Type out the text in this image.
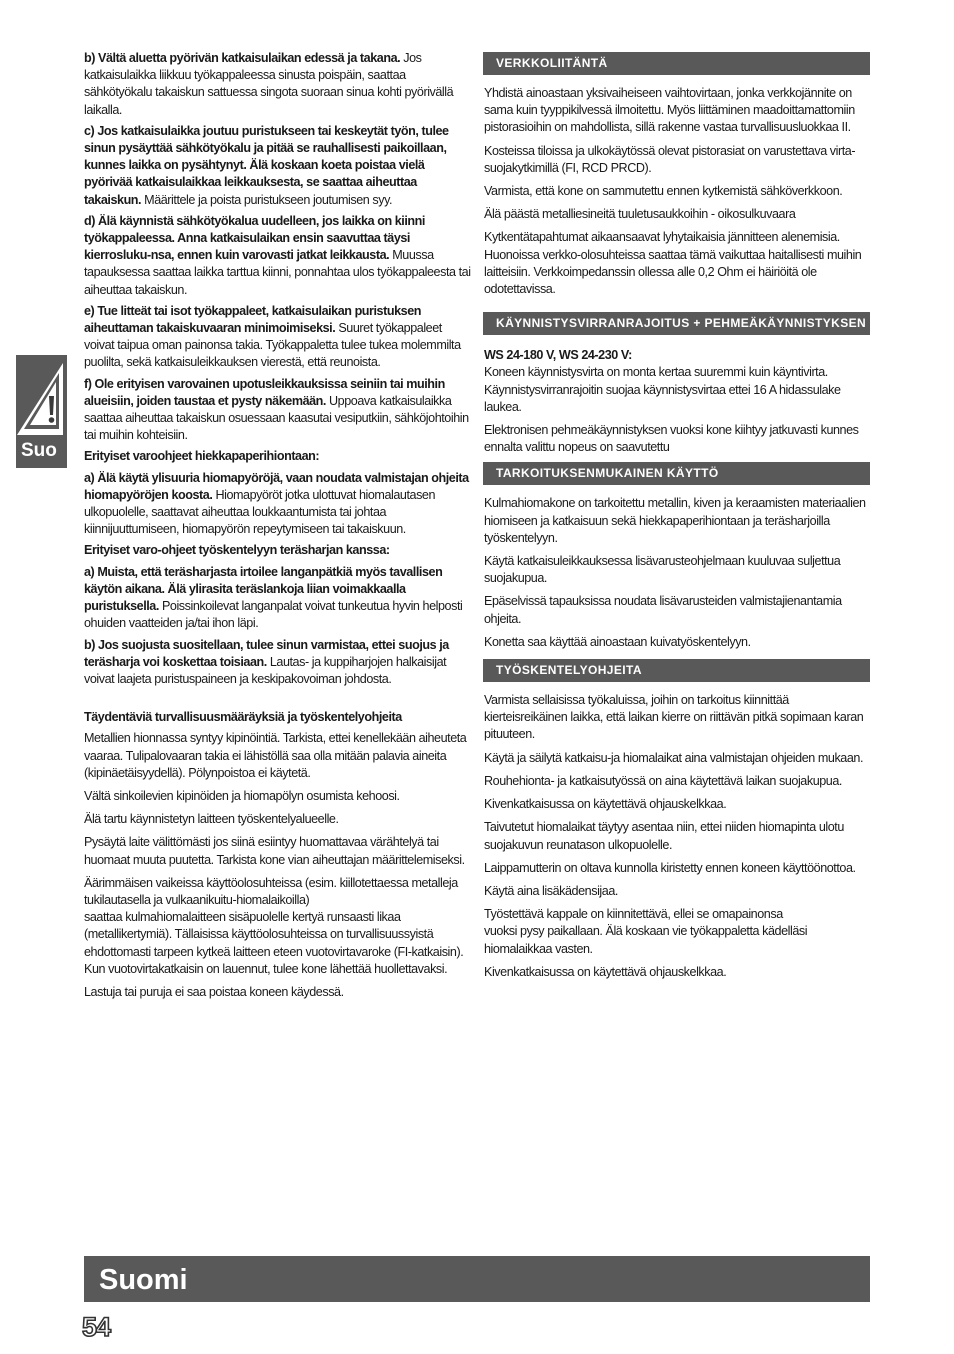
Suo

b) Vältä aluetta pyörivän katkaisulaikan edessä ja takana. Jos katkaisulaikka liikkuu työkappaleessa sinusta poispäin, saattaa sähkötyökalu takaiskun sattuessa singota suoraan sinua kohti pyörivällä laikalla.

c) Jos katkaisulaikka joutuu puristukseen tai keskeytät työn, tulee sinun pysäyttää sähkötyökalu ja pitää se rauhallisesti paikoillaan, kunnes laikka on pysähtynyt. Älä koskaan koeta poistaa vielä pyörivää katkaisulaikkaa leikkauksesta, se saattaa aiheuttaa takaiskun. Määrittele ja poista puristukseen joutumisen syy.

d) Älä käynnistä sähkötyökalua uudelleen, jos laikka on kiinni työkappaleessa. Anna katkaisulaikan ensin saavuttaa täysi kierrosluku-nsa, ennen kuin varovasti jatkat leikkausta. Muussa tapauksessa saattaa laikka tarttua kiinni, ponnahtaa ulos työkappaleesta tai aiheuttaa takaiskun.

e) Tue litteät tai isot työkappaleet, katkaisulaikan puristuksen aiheuttaman takaiskuvaaran minimoimiseksi. Suuret työkappaleet voivat taipua oman painonsa takia. Työkappaletta tulee tukea molemmilta puolilta, sekä katkaisuleikkauksen vierestä, että reunoista.

f) Ole erityisen varovainen upotusleikkauksissa seiniin tai muihin alueisiin, joiden taustaa et pysty näkemään. Uppoava katkaisulaikka saattaa aiheuttaa takaiskun osuessaan kaasutai vesiputkiin, sähköjohtoihin tai muihin kohteisiin.

Erityiset varoohjeet hiekkapaperihiontaan:

a) Älä käytä ylisuuria hiomapyöröjä, vaan noudata valmistajan ohjeita hiomapyöröjen koosta. Hiomapyöröt jotka ulottuvat hiomalautasen ulkopuolelle, saattavat aiheuttaa loukkaantumista tai johtaa kiinnijuuttumiseen, hiomapyörön repeytymiseen tai takaiskuun.

Erityiset varo-ohjeet työskentelyyn teräsharjan kanssa:

a) Muista, että teräsharjasta irtoilee langanpätkiä myös tavallisen käytön aikana. Älä ylirasita teräslankoja liian voimakkaalla puristuksella. Poissinkoilevat langanpalat voivat tunkeutua hyvin helposti ohuiden vaatteiden ja/tai ihon läpi.

b) Jos suojusta suositellaan, tulee sinun varmistaa, ettei suojus ja teräsharja voi koskettaa toisiaan. Lautas- ja kuppiharjojen halkaisijat voivat laajeta puristuspaineen ja keskipakovoiman johdosta.

Täydentäviä turvallisuusmääräyksiä ja työskentelyohjeita

Metallien hionnassa syntyy kipinöintiä. Tarkista, ettei kenellekään aiheuteta vaaraa. Tulipalovaaran takia ei lähistöllä saa olla mitään palavia aineita (kipinäetäisyydellä). Pölynpoistoa ei käytetä.

Vältä sinkoilevien kipinöiden ja hiomapölyn osumista kehoosi.

Älä tartu käynnistetyn laitteen työskentelyalueelle.

Pysäytä laite välittömästi jos siinä esiintyy huomattavaa värähtelyä tai huomaat muuta puutetta. Tarkista kone vian aiheuttajan määrittelemiseksi.

Äärimmäisen vaikeissa käyttöolosuhteissa (esim. kiillotettaessa metalleja tukilautasella ja vulkaanikuitu-hiomalaikoilla)
saattaa kulmahiomalaitteen sisäpuolelle kertyä runsaasti likaa (metallikertymiä). Tällaisissa käyttöolosuhteissa on turvallisuussyistä ehdottomasti tarpeen kytkeä laitteen eteen vuotovirtavaroke (FI-katkaisin). Kun vuotovirtakatkaisin on lauennut, tulee kone lähettää huollettavaksi.

Lastuja tai puruja ei saa poistaa koneen käydessä.

VERKKOLIITÄNTÄ

Yhdistä ainoastaan yksivaiheiseen vaihtovirtaan, jonka verkkojännite on sama kuin tyyppikilvessä ilmoitettu. Myös liittäminen maadoittamattomiin pistorasioihin on mahdollista, sillä rakenne vastaa turvallisuusluokkaa II.

Kosteissa tiloissa ja ulkokäytössä olevat pistorasiat on varustettava virta-suojakytkimillä (FI, RCD PRCD).

Varmista, että kone on sammutettu ennen kytkemistä sähköverkkoon.

Älä päästä metalliesineitä tuuletusaukkoihin - oikosulkuvaara

Kytkentätapahtumat aikaansaavat lyhytaikaisia jännitteen alenemisia. Huonoissa verkko-olosuhteissa saattaa tämä vaikuttaa haitallisesti muihin laitteisiin. Verkkoimpedanssin ollessa alle 0,2 Ohm ei häiriöitä ole odotettavissa.

KÄYNNISTYSVIRRANRAJOITUS + PEHMEÄKÄYNNISTYKSEN

WS 24-180 V, WS 24-230 V:
Koneen käynnistysvirta on monta kertaa suuremmi kuin käyntivirta. Käynnistysvirranrajoitin suojaa käynnistysvirtaa ettei 16 A hidassulake laukea.

Elektronisen pehmeäkäynnistyksen vuoksi kone kiihtyy jatkuvasti kunnes ennalta valittu nopeus on saavutettu

TARKOITUKSENMUKAINEN KÄYTTÖ

Kulmahiomakone on tarkoitettu metallin, kiven ja keraamisten materiaalien hiomiseen ja katkaisuun sekä hiekkapaperihiontaan ja teräsharjoilla työskentelyyn.

Käytä katkaisuleikkauksessa lisävarusteohjelmaan kuuluvaa suljettua suojakupua.

Epäselvissä tapauksissa noudata lisävarusteiden valmistajienantamia ohjeita.

Konetta saa käyttää ainoastaan kuivatyöskentelyyn.

TYÖSKENTELYOHJEITA

Varmista sellaisissa työkaluissa, joihin on tarkoitus kiinnittää kierteisreikäinen laikka, että laikan kierre on riittävän pitkä sopimaan karan pituuteen.

Käytä ja säilytä katkaisu-ja hiomalaikat aina valmistajan ohjeiden mukaan.

Rouhehionta- ja katkaisutyössä on aina käytettävä laikan suojakupua.

Kivenkatkaisussa on käytettävä ohjauskelkkaa.

Taivutetut hiomalaikat täytyy asentaa niin, ettei niiden hiomapinta ulotu suojakuvun reunatason ulkopuolelle.

Laippamutterin on oltava kunnolla kiristetty ennen koneen käyttöönottoa.

Käytä aina lisäkädensijaa.

Työstettävä kappale on kiinnitettävä, ellei se omapainonsa
vuoksi pysy paikallaan. Älä koskaan vie työkappaletta kädelläsi hiomalaikkaa vasten.

Kivenkatkaisussa on käytettävä ohjauskelkkaa.

Suomi
54
